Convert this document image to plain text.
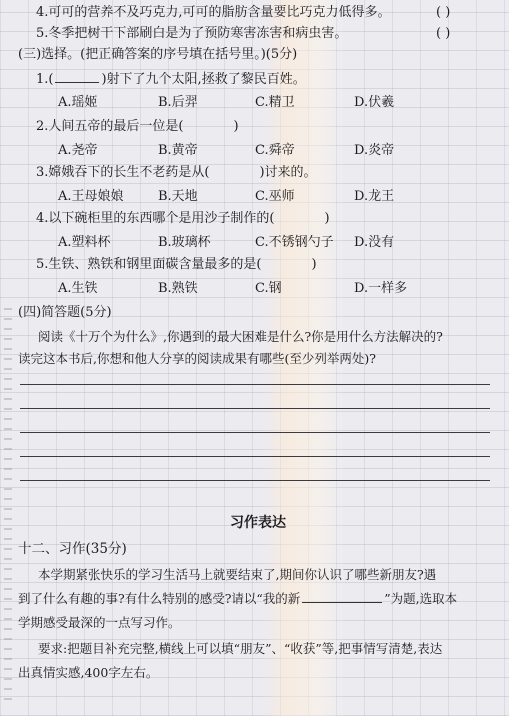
4.可可的营养不及巧克力,可可的脂肪含量要比巧克力低得多。	( )
5.冬季把树干下部刷白是为了预防寒害冻害和病虫害。	( )
(三)选择。(把正确答案的序号填在括号里。)(5分)
1.(	)射下了九个太阳,拯救了黎民百姓。
A.瑶姬	B.后羿	C.精卫	D.伏羲
2.人间五帝的最后一位是(	)
A.尧帝	B.黄帝	C.舜帝	D.炎帝
3.嫦娥吞下的长生不老药是从(	)讨来的。
A.王母娘娘	B.天地	C.巫师	D.龙王
4.以下碗柜里的东西哪个是用沙子制作的(	)
A.塑料杯	B.玻璃杯	C.不锈钢勺子 D.没有
5.生铁、熟铁和钢里面碳含量最多的是(	)
A.生铁	B.熟铁	C.钢	D.一样多
(四)简答题(5分)
阅读《十万个为什么》,你遇到的最大困难是什么?你是用什么方法解决的?
读完这本书后,你想和他人分享的阅读成果有哪些(至少列举两处)?
习作表达
十二、习作(35分)
本学期紧张快乐的学习生活马上就要结束了,期间你认识了哪些新朋友?遇
到了什么有趣的事?有什么特别的感受?请以“我的新	”为题,选取本
学期感受最深的一点写习作。
要求:把题目补充完整,横线上可以填“朋友”、“收获”等,把事情写清楚,表达
出真情实感,400字左右。
